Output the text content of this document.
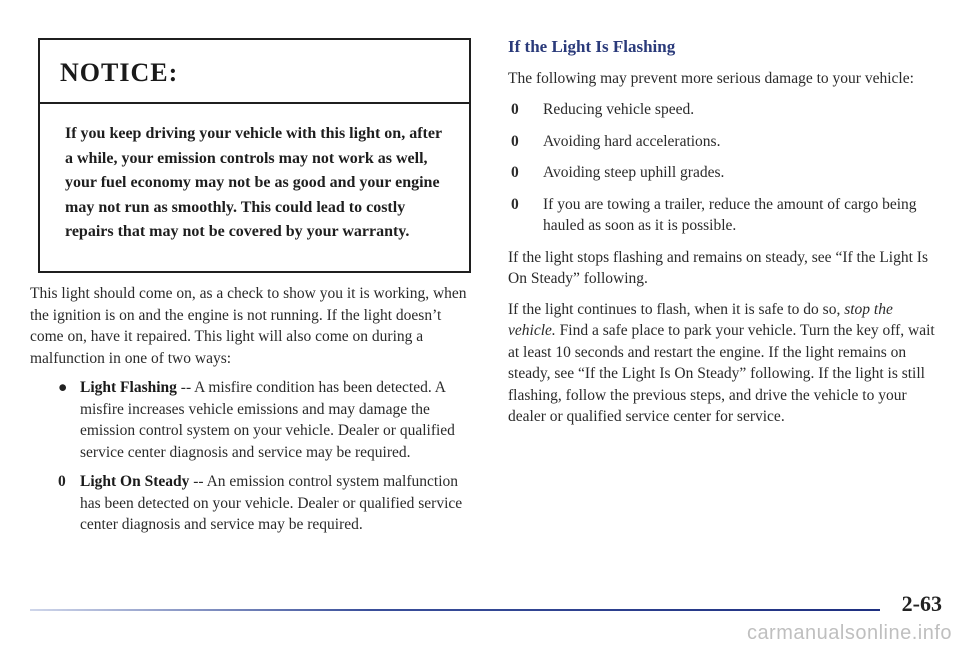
NOTICE:
If you keep driving your vehicle with this light on, after a while, your emission controls may not work as well, your fuel economy may not be as good and your engine may not run as smoothly. This could lead to costly repairs that may not be covered by your warranty.

This light should come on, as a check to show you it is working, when the ignition is on and the engine is not running. If the light doesn’t come on, have it repaired. This light will also come on during a malfunction in one of two ways:

● Light Flashing -- A misfire condition has been detected. A misfire increases vehicle emissions and may damage the emission control system on your vehicle. Dealer or qualified service center diagnosis and service may be required.
0 Light On Steady -- An emission control system malfunction has been detected on your vehicle. Dealer or qualified service center diagnosis and service may be required.

If the Light Is Flashing

The following may prevent more serious damage to your vehicle:

0 Reducing vehicle speed.
0 Avoiding hard accelerations.
0 Avoiding steep uphill grades.
0 If you are towing a trailer, reduce the amount of cargo being hauled as soon as it is possible.

If the light stops flashing and remains on steady, see “If the Light Is On Steady” following.

If the light continues to flash, when it is safe to do so, stop the vehicle. Find a safe place to park your vehicle. Turn the key off, wait at least 10 seconds and restart the engine. If the light remains on steady, see “If the Light Is On Steady” following. If the light is still flashing, follow the previous steps, and drive the vehicle to your dealer or qualified service center for service.

2-63
carmanualsonline.info
